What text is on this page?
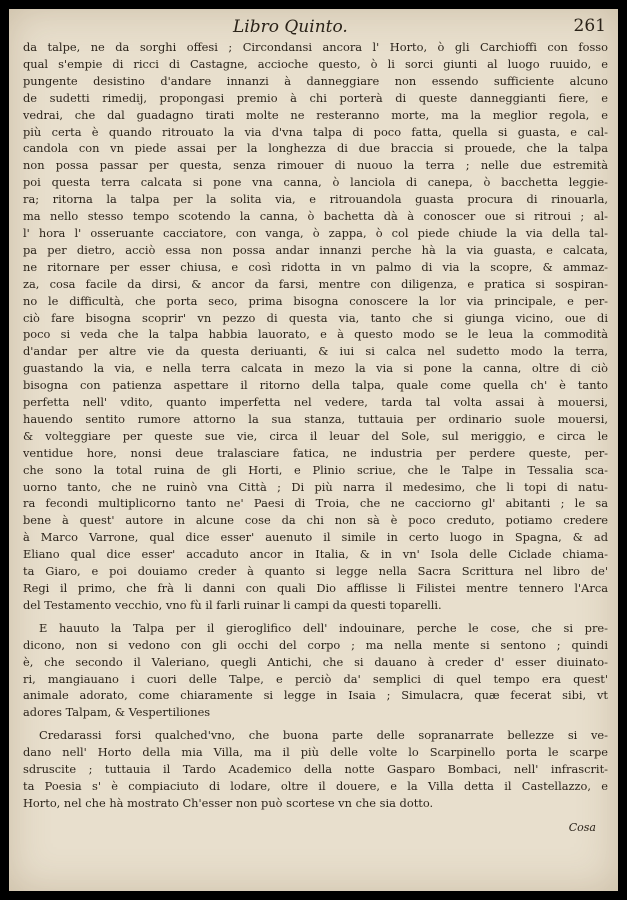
Libro Quinto.	261
da talpe, ne da sorghi offesi ; Circondansi ancora l' Horto, ò gli Carchioffi con fosso
qual s'empie di ricci di Castagne, accioche questo, ò li sorci giunti al luogo ruuido, e
pungente desistino d'andare innanzi à danneggiare non essendo sufficiente alcuno
de sudetti rimedij, propongasi premio à chi porterà di queste danneggianti fiere, e
vedrai, che dal guadagno tirati molte ne resteranno morte, ma la meglior regola, e
più certa è quando ritrouato la via d'vna talpa di poco fatta, quella si guasta, e cal-
candola con vn piede assai per la longhezza di due braccia si prouede, che la talpa
non possa passar per questa, senza rimouer di nuouo la terra ; nelle due estremità
poi questa terra calcata si pone vna canna, ò lanciola di canepa, ò bacchetta leggie-
ra; ritorna la talpa per la solita via, e ritrouandola guasta procura di rinouarla,
ma nello stesso tempo scotendo la canna, ò bachetta dà à conoscer oue si ritroui ; al-
l' hora l' osseruante cacciatore, con vanga, ò zappa, ò col piede chiude la via della tal-
pa per dietro, acciò essa non possa andar innanzi perche hà la via guasta, e calcata,
ne ritornare per esser chiusa, e così ridotta in vn palmo di via la scopre, & ammaz-
za, cosa facile da dirsi, & ancor da farsi, mentre con diligenza, e pratica si sospiran-
no le difficultà, che porta seco, prima bisogna conoscere la lor via principale, e per-
ciò fare bisogna scoprir' vn pezzo di questa via, tanto che si giunga vicino, oue di
poco si veda che la talpa habbia lauorato, e à questo modo se le leua la commodità
d'andar per altre vie da questa deriuanti, & iui si calca nel sudetto modo la terra,
guastando la via, e nella terra calcata in mezo la via si pone la canna, oltre di ciò
bisogna con patienza aspettare il ritorno della talpa, quale come quella ch' è tanto
perfetta nell' vdito, quanto imperfetta nel vedere, tarda tal volta assai à mouersi,
hauendo sentito rumore attorno la sua stanza, tuttauia per ordinario suole mouersi,
& volteggiare per queste sue vie, circa il leuar del Sole, sul meriggio, e circa le
ventidue hore, nonsi deue tralasciare fatica, ne industria per perdere queste, per-
che sono la total ruina de gli Horti, e Plinio scriue, che le Talpe in Tessalia sca-
uorno tanto, che ne ruinò vna Città ; Di più narra il medesimo, che li topi di natu-
ra fecondi multiplicorno tanto ne' Paesi di Troia, che ne cacciorno gl' abitanti ; le sa
bene à quest' autore in alcune cose da chi non sà è poco creduto, potiamo credere
à Marco Varrone, qual dice esser' auenuto il simile in certo luogo in Spagna, & ad
Eliano qual dice esser' accaduto ancor in Italia, & in vn' Isola delle Ciclade chiama-
ta Giaro, e poi douiamo creder à quanto si legge nella Sacra Scrittura nel libro de'
Regi il primo, che frà li danni con quali Dio afflisse li Filistei mentre tennero l'Arca
del Testamento vecchio, vno fù il farli ruinar li campi da questi toparelli.
E hauuto la Talpa per il gieroglifico dell' indouinare, perche le cose, che si pre-
dicono, non si vedono con gli occhi del corpo ; ma nella mente si sentono ; quindi
è, che secondo il Valeriano, quegli Antichi, che si dauano à creder d' esser diuinato-
ri, mangiauano i cuori delle Talpe, e perciò da' semplici di quel tempo era quest'
animale adorato, come chiaramente si legge in Isaia ; Simulacra, quæ fecerat sibi, vt
adores Talpam, & Vespertiliones
Credarassi forsi qualched'vno, che buona parte delle sopranarrate bellezze si ve-
dano nell' Horto della mia Villa, ma il più delle volte lo Scarpinello porta le scarpe
sdruscite ; tuttauia il Tardo Academico della notte Gasparo Bombaci, nell' infrascrit-
ta Poesia s' è compiaciuto di lodare, oltre il douere, e la Villa detta il Castellazzo, e
Horto, nel che hà mostrato Ch'esser non può scortese vn che sia dotto.
Cosa
